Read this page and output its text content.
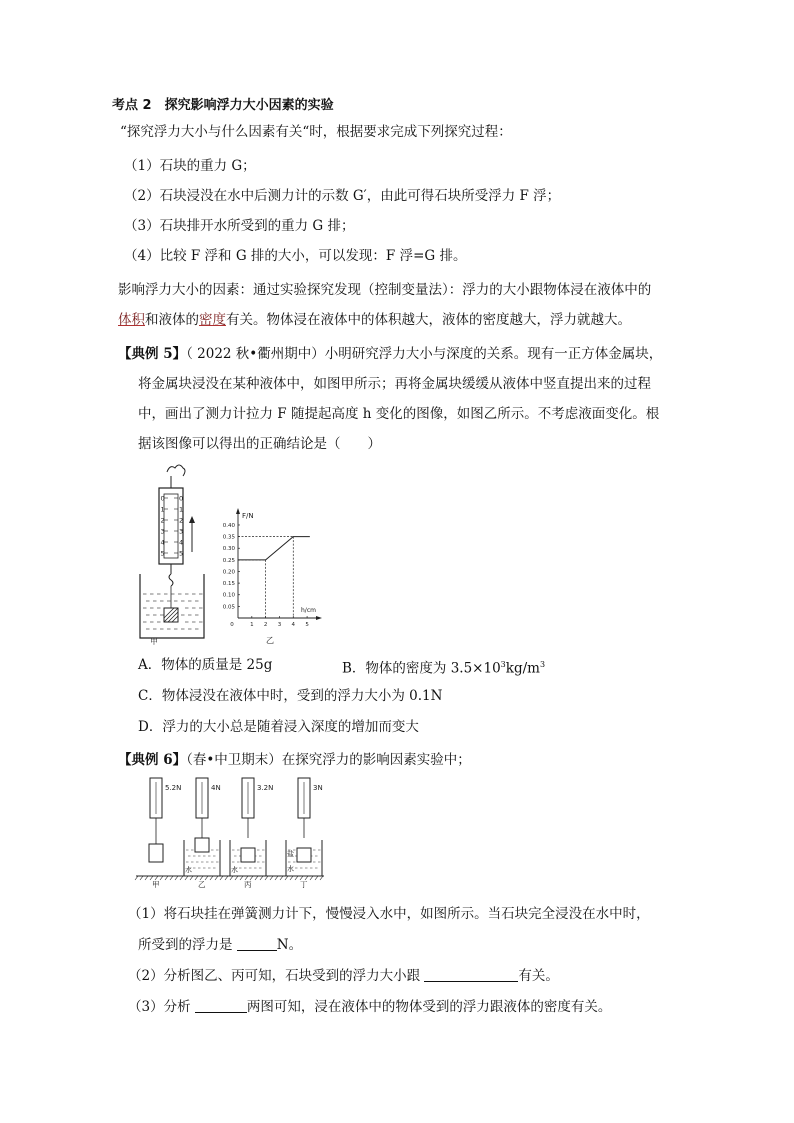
考点 2　探究影响浮力大小因素的实验
“探究浮力大小与什么因素有关“时，根据要求完成下列探究过程：
（1）石块的重力 G；
（2）石块浸没在水中后测力计的示数 G′，由此可得石块所受浮力 F 浮；
（3）石块排开水所受到的重力 G 排；
（4）比较 F 浮和 G 排的大小，可以发现：F 浮=G 排。
影响浮力大小的因素：通过实验探究发现（控制变量法）：浮力的大小跟物体浸在液体中的
体积和液体的密度有关。物体浸在液体中的体积越大，液体的密度越大，浮力就越大。
【典例 5】（ 2022 秋•衢州期中）小明研究浮力大小与深度的关系。现有一正方体金属块，
将金属块浸没在某种液体中，如图甲所示；再将金属块缓缓从液体中竖直提出来的过程
中，画出了测力计拉力 F 随提起高度 h 变化的图像，如图乙所示。不考虑液面变化。根
据该图像可以得出的正确结论是（　　）
0 0
1 1
2 2
3 3
4 4
5 5
甲
F/N
h/cm
0.05
0.10
0.15
0.20
0.25
0.30
0.35
0.40
0	1 2 3 4 5
乙
A．物体的质量是 25g	B．物体的密度为 $3.5\times 10^3kg/m^3$
C．物体浸没在液体中时，受到的浮力大小为 0.1N
D．浮力的大小总是随着浸入深度的增加而变大
【典例 6】（春•中卫期末）在探究浮力的影响因素实验中；
5.2N
甲
4N
水
乙
3.2N
水
丙
3N
盐
水
丁
（1）将石块挂在弹簧测力计下，慢慢浸入水中，如图所示。当石块完全浸没在水中时，
所受到的浮力是	N。
（2）分析图乙、丙可知，石块受到的浮力大小跟	有关。
（3）分析	两图可知，浸在液体中的物体受到的浮力跟液体的密度有关。
